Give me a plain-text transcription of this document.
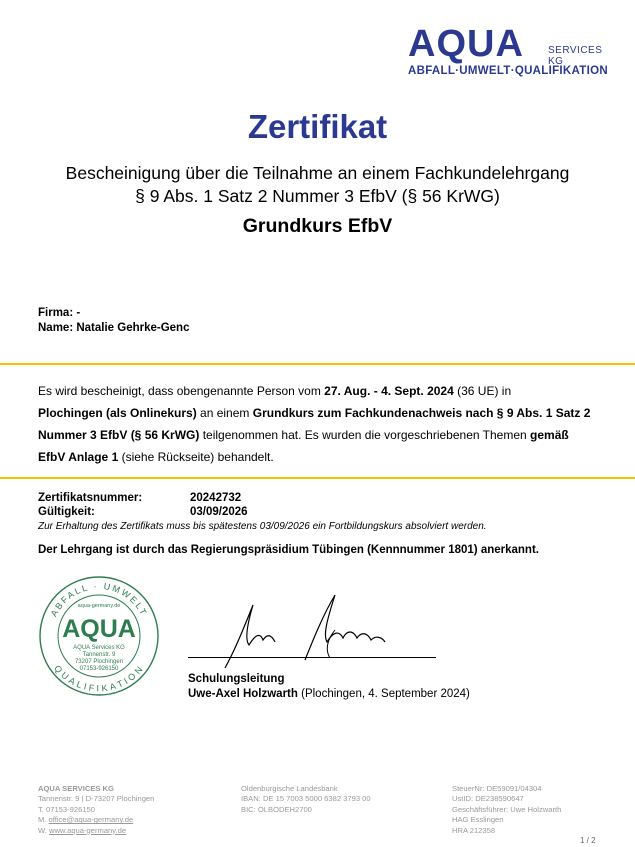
AQUA SERVICES KG
ABFALL·UMWELT·QUALIFIKATION
Zertifikat
Bescheinigung über die Teilnahme an einem Fachkundelehrgang
§ 9 Abs. 1 Satz 2 Nummer 3 EfbV (§ 56 KrWG)
Grundkurs EfbV
Firma: -
Name: Natalie Gehrke-Genc
Es wird bescheinigt, dass obengenannte Person vom 27. Aug. - 4. Sept. 2024 (36 UE) in
Plochingen (als Onlinekurs) an einem Grundkurs zum Fachkundenachweis nach § 9 Abs. 1 Satz 2 Nummer 3 EfbV (§ 56 KrWG) teilgenommen hat. Es wurden die vorgeschriebenen Themen gemäß EfbV Anlage 1 (siehe Rückseite) behandelt.
Zertifikatsnummer:	20242732
Gültigkeit:	03/09/2026
Zur Erhaltung des Zertifikats muss bis spätestens 03/09/2026 ein Fortbildungskurs absolviert werden.
Der Lehrgang ist durch das Regierungspräsidium Tübingen (Kennnummer 1801) anerkannt.
ABFALL · UMWELT
QUALIFIKATION
aqua-germany.de
AQUA
AQUA Services KG
Tannenstr. 9
73207 Plochingen
07153-926150
Schulungsleitung
Uwe-Axel Holzwarth (Plochingen, 4. September 2024)
AQUA SERVICES KG
Tannenstr. 9 | D-73207 Plochingen
T. 07153-926150
M. office@aqua-germany.de
W. www.aqua-germany.de
Oldenburgische Landesbank
IBAN: DE 15 7003 5000 6382 3793 00
BIC: OLBODEH2700
SteuerNr: DE59091/04304
UstID: DE238590647
Geschäftsführer: Uwe Holzwarth
HAG Esslingen
HRA 212358
1 / 2
